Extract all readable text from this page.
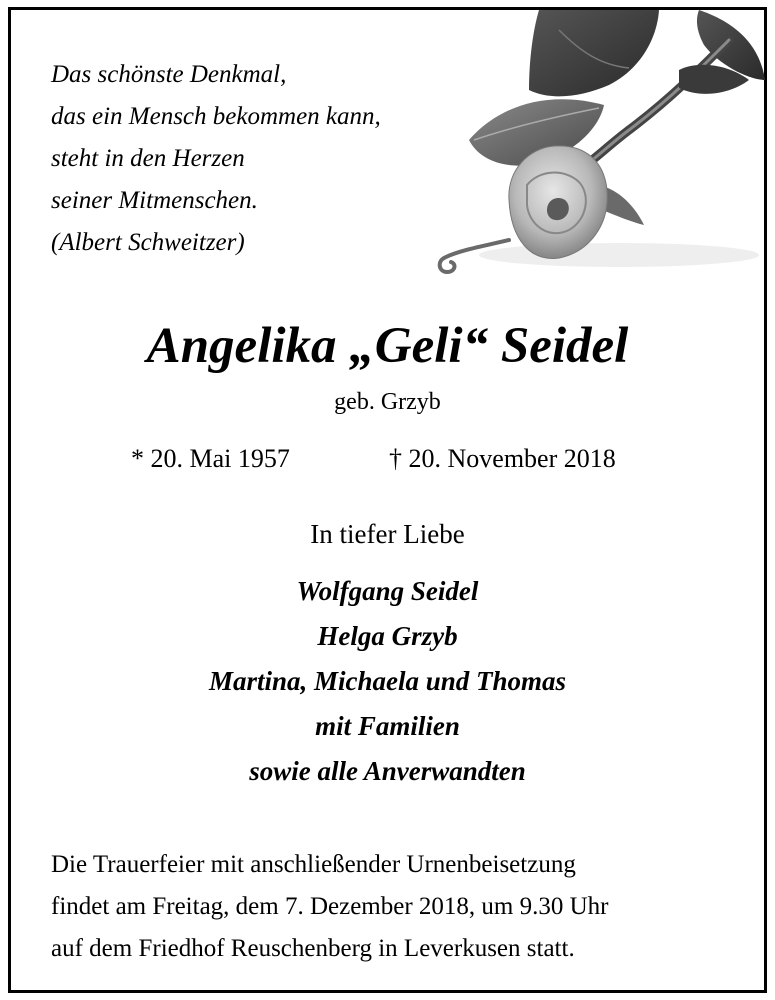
Das schönste Denkmal,
das ein Mensch bekommen kann,
steht in den Herzen
seiner Mitmenschen.
(Albert Schweitzer)
Angelika „Geli“ Seidel
geb. Grzyb
* 20. Mai 1957	† 20. November 2018
In tiefer Liebe
Wolfgang Seidel
Helga Grzyb
Martina, Michaela und Thomas
mit Familien
sowie alle Anverwandten
Die Trauerfeier mit anschließender Urnenbeisetzung
findet am Freitag, dem 7. Dezember 2018, um 9.30 Uhr
auf dem Friedhof Reuschenberg in Leverkusen statt.
